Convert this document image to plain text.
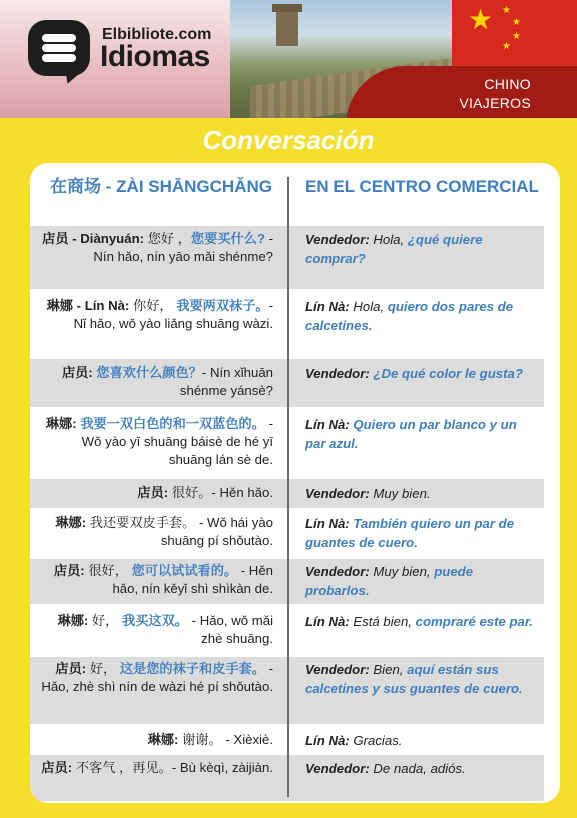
★ ★
★
★
★
CHINO
VIAJEROS
Elbibliote.com
Idiomas
Conversación
在商场 - ZÀI SHĀNGCHǍNG EN EL CENTRO COMERCIAL
店员 - Diànyuán: 您好 ，您要买什么? - Nín hǎo, nín yāo mǎi shénme?
Vendedor: Hola, ¿qué quiere comprar?
琳娜 - Lín Nà: 你好， 我要两双袜子。- Nǐ hǎo, wǒ yào liǎng shuāng wàzi.
Lín Nà: Hola, quiero dos pares de calcetines.
店员: 您喜欢什么颜色？- Nín xǐhuān shénme yánsè?
Vendedor: ¿De qué color le gusta?
琳娜: 我要一双白色的和一双蓝色的。 - Wǒ yào yī shuāng báisè de hé yī shuāng lán sè de.
Lín Nà: Quiero un par blanco y un par azul.
店员: 很好。- Hěn hǎo. Vendedor: Muy bien.
琳娜: 我还要双皮手套。 - Wǒ hái yào shuāng pí shǒutào.
Lín Nà: También quiero un par de guantes de cuero.
店员: 很好， 您可以试试看的。 - Hěn hǎo, nín kěyǐ shì shìkàn de.
Vendedor: Muy bien, puede probarlos.
琳娜: 好， 我买这双。 - Hǎo, wǒ mǎi zhè shuāng.
Lín Nà: Está bien, compraré este par.
店员: 好， 这是您的袜子和皮手套。 - Hǎo, zhè shì nín de wàzi hé pí shǒutào.
Vendedor: Bien, aquí están sus calcetines y sus guantes de cuero.
琳娜: 谢谢。 - Xièxiè. Lín Nà: Gracias.
店员: 不客气 ，再见。- Bù kèqì, zàijiàn. Vendedor: De nada, adiós.
